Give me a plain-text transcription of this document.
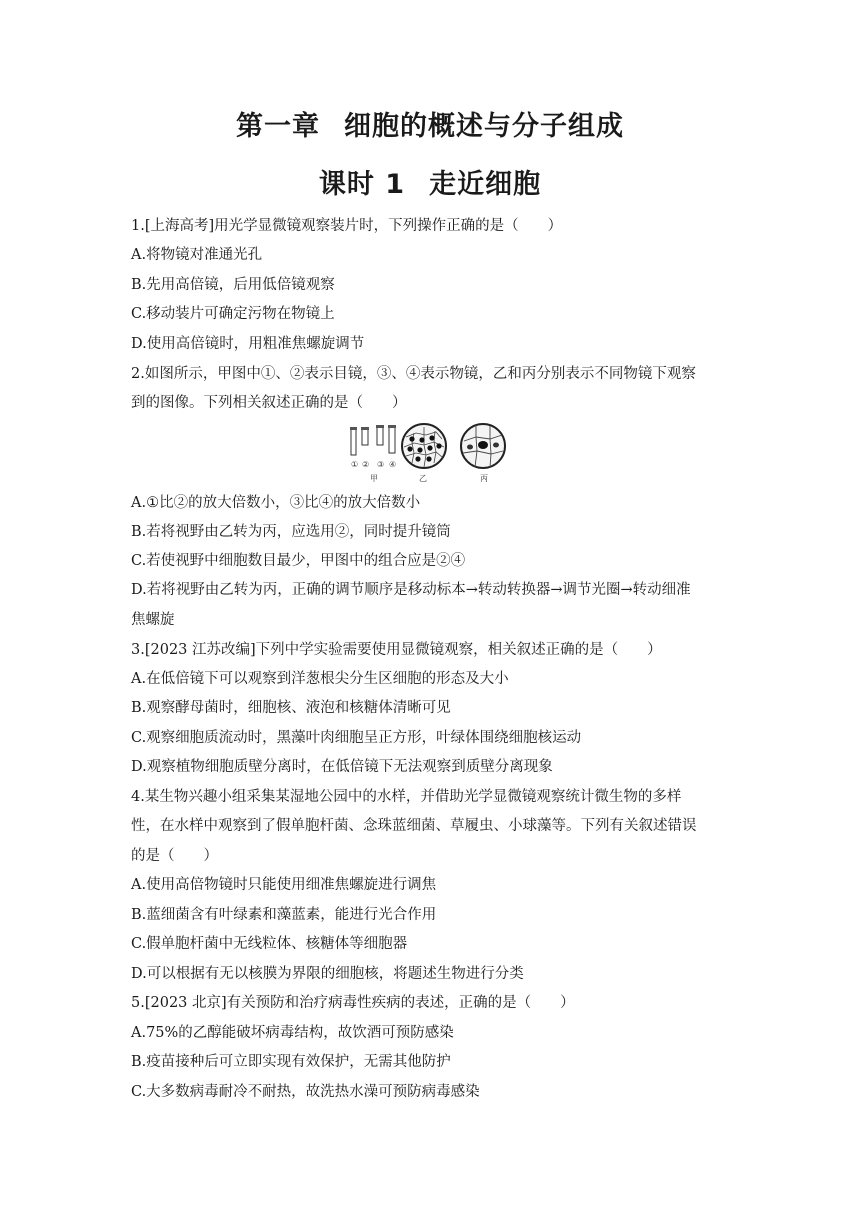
第一章 细胞的概述与分子组成
课时 1 走近细胞
1.[上海高考]用光学显微镜观察装片时，下列操作正确的是（　　）
A.将物镜对准通光孔
B.先用高倍镜，后用低倍镜观察
C.移动装片可确定污物在物镜上
D.使用高倍镜时，用粗准焦螺旋调节
2.如图所示，甲图中①、②表示目镜，③、④表示物镜，乙和丙分别表示不同物镜下观察
到的图像。下列相关叙述正确的是（　　）
① ② ③ ④
甲	乙	丙
A.①比②的放大倍数小，③比④的放大倍数小
B.若将视野由乙转为丙，应选用②，同时提升镜筒
C.若使视野中细胞数目最少，甲图中的组合应是②④
D.若将视野由乙转为丙，正确的调节顺序是移动标本→转动转换器→调节光圈→转动细准
焦螺旋
3.[2023 江苏改编]下列中学实验需要使用显微镜观察，相关叙述正确的是（　　）
A.在低倍镜下可以观察到洋葱根尖分生区细胞的形态及大小
B.观察酵母菌时，细胞核、液泡和核糖体清晰可见
C.观察细胞质流动时，黑藻叶肉细胞呈正方形，叶绿体围绕细胞核运动
D.观察植物细胞质壁分离时，在低倍镜下无法观察到质壁分离现象
4.某生物兴趣小组采集某湿地公园中的水样，并借助光学显微镜观察统计微生物的多样
性，在水样中观察到了假单胞杆菌、念珠蓝细菌、草履虫、小球藻等。下列有关叙述错误
的是（　　）
A.使用高倍物镜时只能使用细准焦螺旋进行调焦
B.蓝细菌含有叶绿素和藻蓝素，能进行光合作用
C.假单胞杆菌中无线粒体、核糖体等细胞器
D.可以根据有无以核膜为界限的细胞核，将题述生物进行分类
5.[2023 北京]有关预防和治疗病毒性疾病的表述，正确的是（　　）
A.75%的乙醇能破坏病毒结构，故饮酒可预防感染
B.疫苗接种后可立即实现有效保护，无需其他防护
C.大多数病毒耐冷不耐热，故洗热水澡可预防病毒感染
